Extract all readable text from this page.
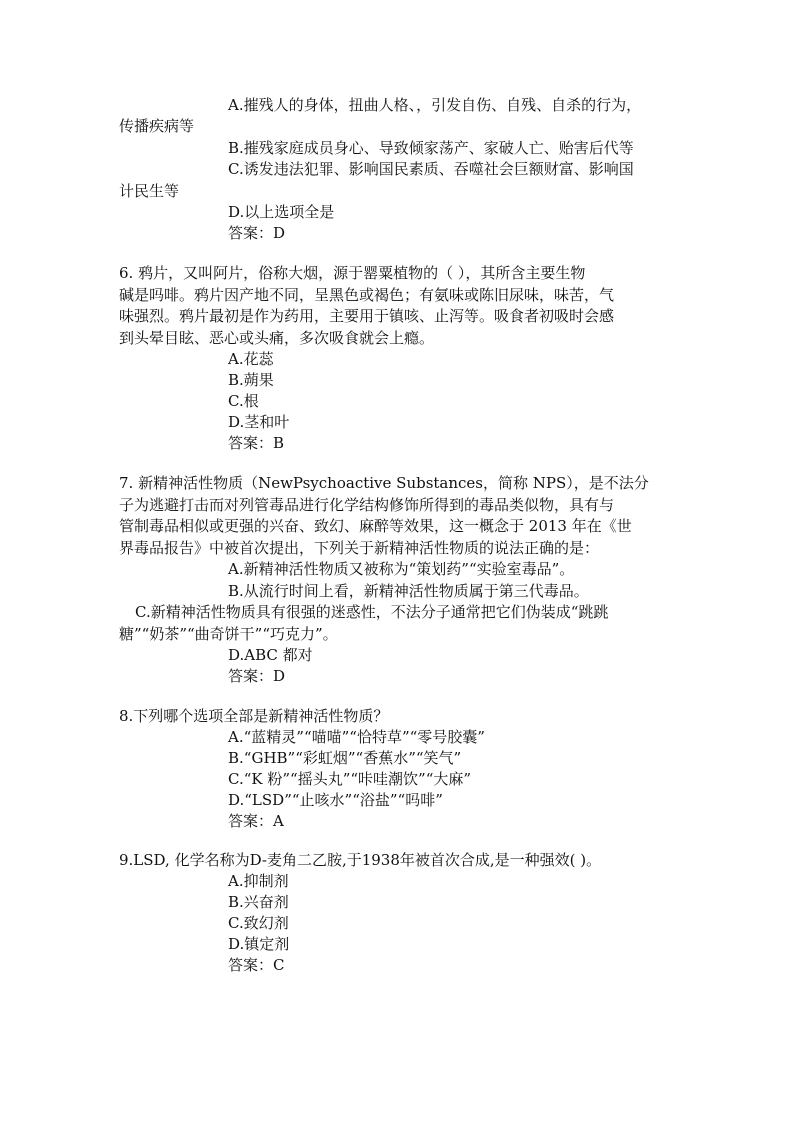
A.摧残人的身体，扭曲人格、，引发自伤、自残、自杀的行为，
传播疾病等
B.摧残家庭成员身心、导致倾家荡产、家破人亡、贻害后代等
C.诱发违法犯罪、影响国民素质、吞噬社会巨额财富、影响国
计民生等
D.以上选项全是
答案：D
6. 鸦片，又叫阿片，俗称大烟，源于罂粟植物的（ ），其所含主要生物
碱是吗啡。鸦片因产地不同，呈黑色或褐色；有氨味或陈旧尿味，味苦，气
味强烈。鸦片最初是作为药用，主要用于镇咳、止泻等。吸食者初吸时会感
到头晕目眩、恶心或头痛，多次吸食就会上瘾。
A.花蕊
B.蒴果
C.根
D.茎和叶
答案：B
7. 新精神活性物质（NewPsychoactive Substances，简称 NPS），是不法分
子为逃避打击而对列管毒品进行化学结构修饰所得到的毒品类似物，具有与
管制毒品相似或更强的兴奋、致幻、麻醉等效果，这一概念于 2013 年在《世
界毒品报告》中被首次提出，下列关于新精神活性物质的说法正确的是：
A.新精神活性物质又被称为“策划药”“实验室毒品”。
B.从流行时间上看，新精神活性物质属于第三代毒品。
C.新精神活性物质具有很强的迷惑性，不法分子通常把它们伪装成“跳跳
糖”“奶茶”“曲奇饼干”“巧克力”。
D.ABC 都对
答案：D
8.下列哪个选项全部是新精神活性物质？
A.“蓝精灵”“喵喵”“恰特草”“零号胶囊”
B.“GHB”“彩虹烟”“香蕉水”“笑气”
C.“K 粉”“摇头丸”“咔哇潮饮”“大麻”
D.“LSD”“止咳水”“浴盐”“吗啡”
答案：A
9.LSD, 化学名称为D-麦角二乙胺,于1938年被首次合成,是一种强效( )。
A.抑制剂
B.兴奋剂
C.致幻剂
D.镇定剂
答案：C
